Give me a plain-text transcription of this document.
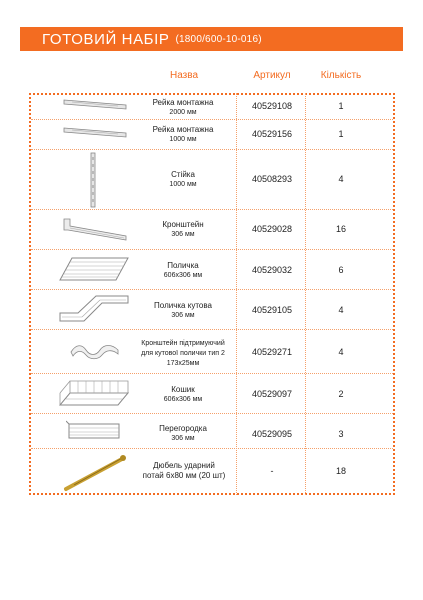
ГОТОВИЙ НАБІР (1800/600-10-016)
Назва	Артикул	Кількість
Рейка монтажна
2000 мм
40529108	1
Рейка монтажна
1000 мм
40529156	1
Стійка
1000 мм
40508293	4
Кронштейн
306 мм
40529028	16
Поличка
606x306 мм
40529032	6
Поличка кутова
306 мм
40529105	4
Кронштейн підтримуючий
для кутової полички тип 2
173x25мм
40529271	4
Кошик
606x306 мм
40529097	2
Перегородка
306 мм	40529095	3
Дюбель ударний
потай 6x80 мм (20 шт)	-	18
